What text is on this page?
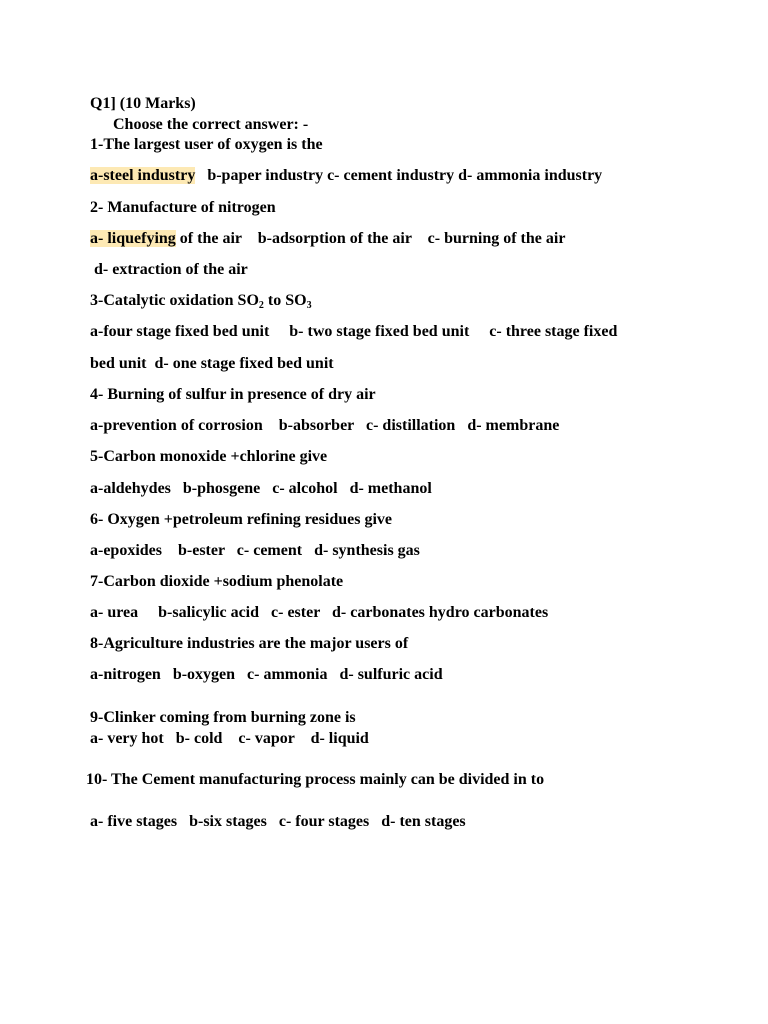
Q1] (10 Marks)
Choose the correct answer: -
1-The largest user of oxygen is the
a-steel industry   b-paper industry c- cement industry d- ammonia industry
2- Manufacture of nitrogen
a- liquefying of the air    b-adsorption of the air    c- burning of the air
d- extraction of the air
3-Catalytic oxidation $SO_2$ to $SO_3$
a-four stage fixed bed unit     b- two stage fixed bed unit     c- three stage fixed
bed unit  d- one stage fixed bed unit
4- Burning of sulfur in presence of dry air
a-prevention of corrosion    b-absorber   c- distillation   d- membrane
5-Carbon monoxide +chlorine give
a-aldehydes   b-phosgene   c- alcohol   d- methanol
6- Oxygen +petroleum refining residues give
a-epoxides    b-ester   c- cement   d- synthesis gas
7-Carbon dioxide +sodium phenolate
a- urea     b-salicylic acid   c- ester   d- carbonates hydro carbonates
8-Agriculture industries are the major users of
a-nitrogen   b-oxygen   c- ammonia   d- sulfuric acid
9-Clinker coming from burning zone is
a- very hot   b- cold    c- vapor    d- liquid
10- The Cement manufacturing process mainly can be divided in to
a- five stages   b-six stages   c- four stages   d- ten stages
